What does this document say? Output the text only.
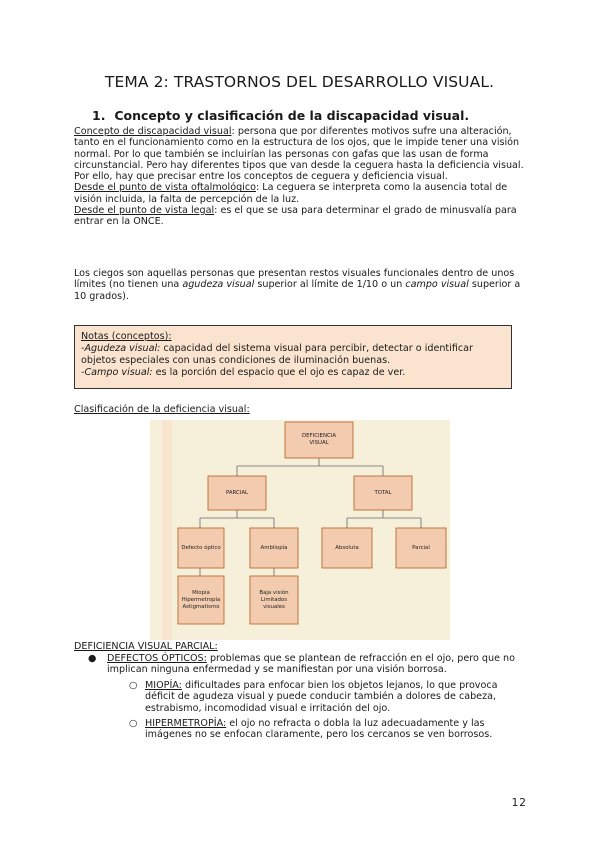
TEMA 2: TRASTORNOS DEL DESARROLLO VISUAL.
1. Concepto y clasificación de la discapacidad visual.
Concepto de discapacidad visual: persona que por diferentes motivos sufre una alteración, tanto en el funcionamiento como en la estructura de los ojos, que le impide tener una visión normal. Por lo que también se incluirían las personas con gafas que las usan de forma circunstancial. Pero hay diferentes tipos que van desde la ceguera hasta la deficiencia visual. Por ello, hay que precisar entre los conceptos de ceguera y deficiencia visual.
Desde el punto de vista oftalmológico: La ceguera se interpreta como la ausencia total de visión incluida, la falta de percepción de la luz.
Desde el punto de vista legal: es el que se usa para determinar el grado de minusvalía para entrar en la ONCE.
Los ciegos son aquellas personas que presentan restos visuales funcionales dentro de unos límites (no tienen una agudeza visual superior al límite de 1/10 o un campo visual superior a 10 grados).

Notas (conceptos):

-Agudeza visual: capacidad del sistema visual para percibir, detectar o identificar objetos especiales con unas condiciones de iluminación buenas.

-Campo visual: es la porción del espacio que el ojo es capaz de ver.

Clasificación de la deficiencia visual:
DEFICIENCIA
VISUAL
PARCIAL	TOTAL
Defecto óptico	Ambliopía	Absoluta	Parcial
Miopía
Hipermetropía
Astigmatismo
Baja visión
Limitados
visuales
DEFICIENCIA VISUAL PARCIAL:
● DEFECTOS ÓPTICOS: problemas que se plantean de refracción en el ojo, pero que no implican ninguna enfermedad y se manifiestan por una visión borrosa.
○ MIOPÍA: dificultades para enfocar bien los objetos lejanos, lo que provoca déficit de agudeza visual y puede conducir también a dolores de cabeza, estrabismo, incomodidad visual e irritación del ojo.
○ HIPERMETROPÍA: el ojo no refracta o dobla la luz adecuadamente y las imágenes no se enfocan claramente, pero los cercanos se ven borrosos.
12
